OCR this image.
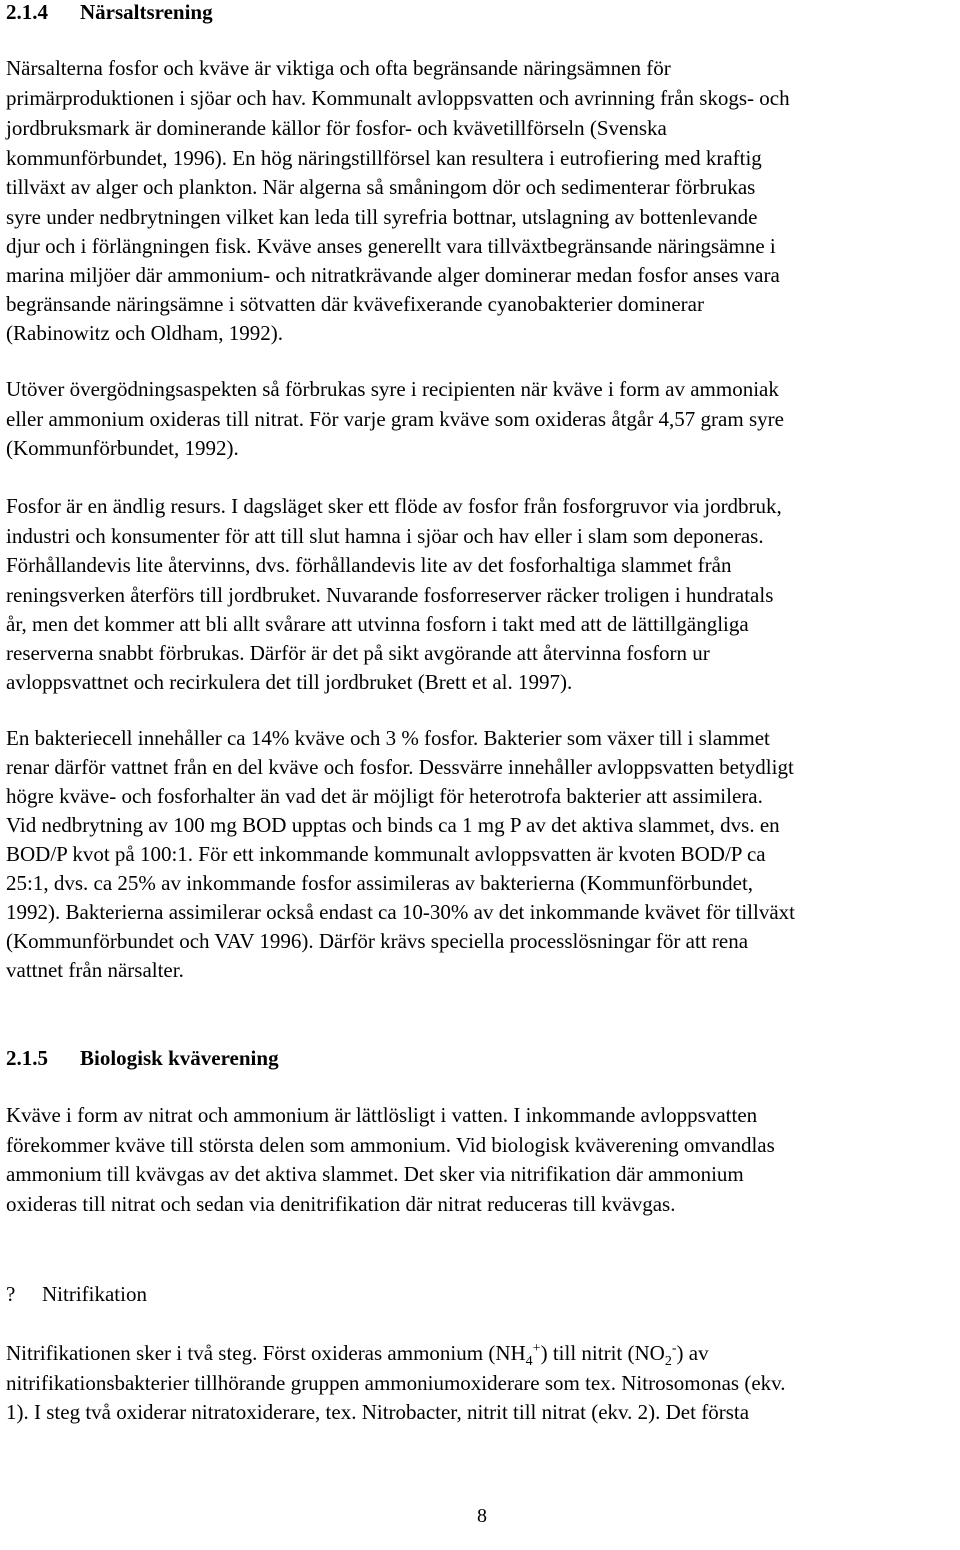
2.1.4 Närsaltsrening
Närsalterna fosfor och kväve är viktiga och ofta begränsande näringsämnen för
primärproduktionen i sjöar och hav. Kommunalt avloppsvatten och avrinning från skogs- och
jordbruksmark är dominerande källor för fosfor- och kvävetillförseln (Svenska
kommunförbundet, 1996). En hög näringstillförsel kan resultera i eutrofiering med kraftig
tillväxt av alger och plankton. När algerna så småningom dör och sedimenterar förbrukas
syre under nedbrytningen vilket kan leda till syrefria bottnar, utslagning av bottenlevande
djur och i förlängningen fisk. Kväve anses generellt vara tillväxtbegränsande näringsämne i
marina miljöer där ammonium- och nitratkrävande alger dominerar medan fosfor anses vara
begränsande näringsämne i sötvatten där kvävefixerande cyanobakterier dominerar
(Rabinowitz och Oldham, 1992).
Utöver övergödningsaspekten så förbrukas syre i recipienten när kväve i form av ammoniak
eller ammonium oxideras till nitrat. För varje gram kväve som oxideras åtgår 4,57 gram syre
(Kommunförbundet, 1992).
Fosfor är en ändlig resurs. I dagsläget sker ett flöde av fosfor från fosforgruvor via jordbruk,
industri och konsumenter för att till slut hamna i sjöar och hav eller i slam som deponeras.
Förhållandevis lite återvinns, dvs. förhållandevis lite av det fosforhaltiga slammet från
reningsverken återförs till jordbruket. Nuvarande fosforreserver räcker troligen i hundratals
år, men det kommer att bli allt svårare att utvinna fosforn i takt med att de lättillgängliga
reserverna snabbt förbrukas. Därför är det på sikt avgörande att återvinna fosforn ur
avloppsvattnet och recirkulera det till jordbruket (Brett et al. 1997).
En bakteriecell innehåller ca 14% kväve och 3 % fosfor. Bakterier som växer till i slammet
renar därför vattnet från en del kväve och fosfor. Dessvärre innehåller avloppsvatten betydligt
högre kväve- och fosforhalter än vad det är möjligt för heterotrofa bakterier att assimilera.
Vid nedbrytning av 100 mg BOD upptas och binds ca 1 mg P av det aktiva slammet, dvs. en
BOD/P kvot på 100:1. För ett inkommande kommunalt avloppsvatten är kvoten BOD/P ca
25:1, dvs. ca 25% av inkommande fosfor assimileras av bakterierna (Kommunförbundet,
1992). Bakterierna assimilerar också endast ca 10-30% av det inkommande kvävet för tillväxt
(Kommunförbundet och VAV 1996). Därför krävs speciella processlösningar för att rena
vattnet från närsalter.
2.1.5 Biologisk kväverening
Kväve i form av nitrat och ammonium är lättlösligt i vatten. I inkommande avloppsvatten
förekommer kväve till största delen som ammonium. Vid biologisk kväverening omvandlas
ammonium till kvävgas av det aktiva slammet. Det sker via nitrifikation där ammonium
oxideras till nitrat och sedan via denitrifikation där nitrat reduceras till kvävgas.
? Nitrifikation
Nitrifikationen sker i två steg. Först oxideras ammonium $(NH_4^+)$ till nitrit $(NO_2^-)$ av
nitrifikationsbakterier tillhörande gruppen ammoniumoxiderare som tex. Nitrosomonas (ekv.
1). I steg två oxiderar nitratoxiderare, tex. Nitrobacter, nitrit till nitrat (ekv. 2). Det första
8
